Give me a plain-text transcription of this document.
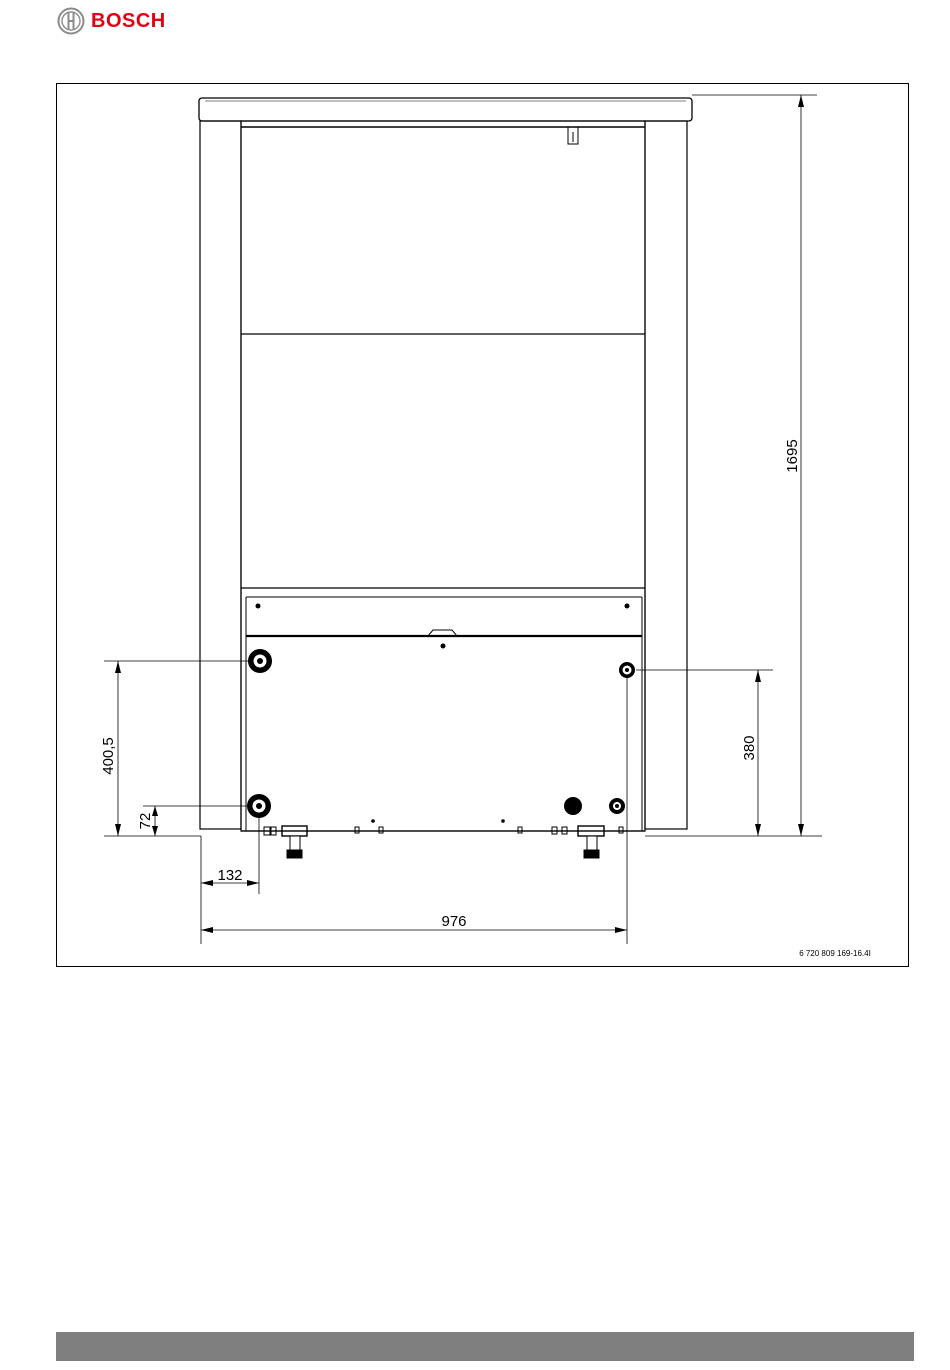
BOSCH
1695
380
400,5
72
132
976
6 720 809 169-16.4I
